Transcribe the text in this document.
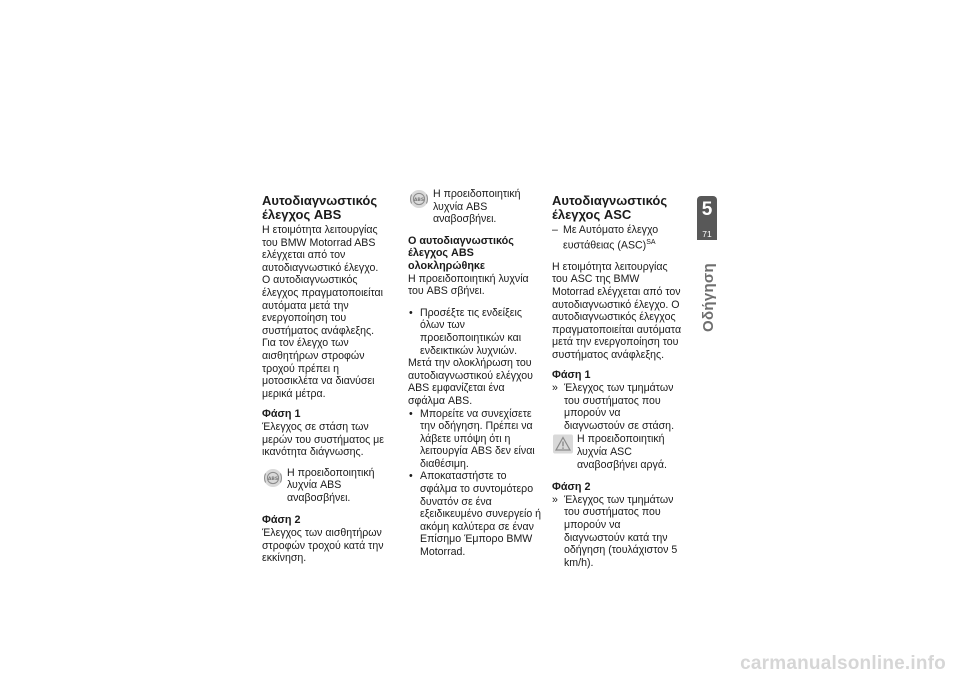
Αυτοδιαγνωστικός έλεγχος ABS

Η ετοιμότητα λειτουργίας του BMW Motorrad ABS ελέγχεται από τον αυτοδιαγνωστικό έλεγχο. Ο αυτοδιαγνωστικός έλεγχος πραγματοποιείται αυτόματα μετά την ενεργοποίηση του συστήματος ανάφλεξης. Για τον έλεγχο των αισθητήρων στροφών τροχού πρέπει η μοτοσικλέτα να διανύσει μερικά μέτρα.

Φάση 1

Έλεγχος σε στάση των μερών του συστήματος με ικανότητα διάγνωσης.

ABS
Η προειδοποιητική λυχνία ABS αναβοσβήνει.
Φάση 2

Έλεγχος των αισθητήρων στροφών τροχού κατά την εκκίνηση.

ABS
Η προειδοποιητική λυχνία ABS αναβοσβήνει.
Ο αυτοδιαγνωστικός έλεγχος ABS ολοκληρώθηκε

Η προειδοποιητική λυχνία του ABS σβήνει.

• Προσέξτε τις ενδείξεις όλων των προειδοποιητικών και ενδεικτικών λυχνιών.

Μετά την ολοκλήρωση του αυτοδιαγνωστικού ελέγχου ABS εμφανίζεται ένα σφάλμα ABS.

• Μπορείτε να συνεχίσετε την οδήγηση. Πρέπει να λάβετε υπόψη ότι η λειτουργία ABS δεν είναι διαθέσιμη.
• Αποκαταστήστε το σφάλμα το συντομότερο δυνατόν σε ένα εξειδικευμένο συνεργείο ή ακόμη καλύτερα σε έναν Επίσημο Έμπορο BMW Motorrad.
Αυτοδιαγνωστικός έλεγχος ASC
– Με Αυτόματο έλεγχο ευστάθειας (ASC)$^{SA}$

Η ετοιμότητα λειτουργίας του ASC της BMW Motorrad ελέγχεται από τον αυτοδιαγνωστικό έλεγχο. Ο αυτοδιαγνωστικός έλεγχος πραγματοποιείται αυτόματα μετά την ενεργοποίηση του συστήματος ανάφλεξης.

Φάση 1
» Έλεγχος των τμημάτων του συστήματος που μπορούν να διαγνωστούν σε στάση.
Η προειδοποιητική λυχνία ASC αναβοσβήνει αργά.
Φάση 2
» Έλεγχος των τμημάτων του συστήματος που μπορούν να διαγνωστούν κατά την οδήγηση (τουλάχιστον 5 km/h).
5
71
Οδήγηση
carmanualsonline.info
